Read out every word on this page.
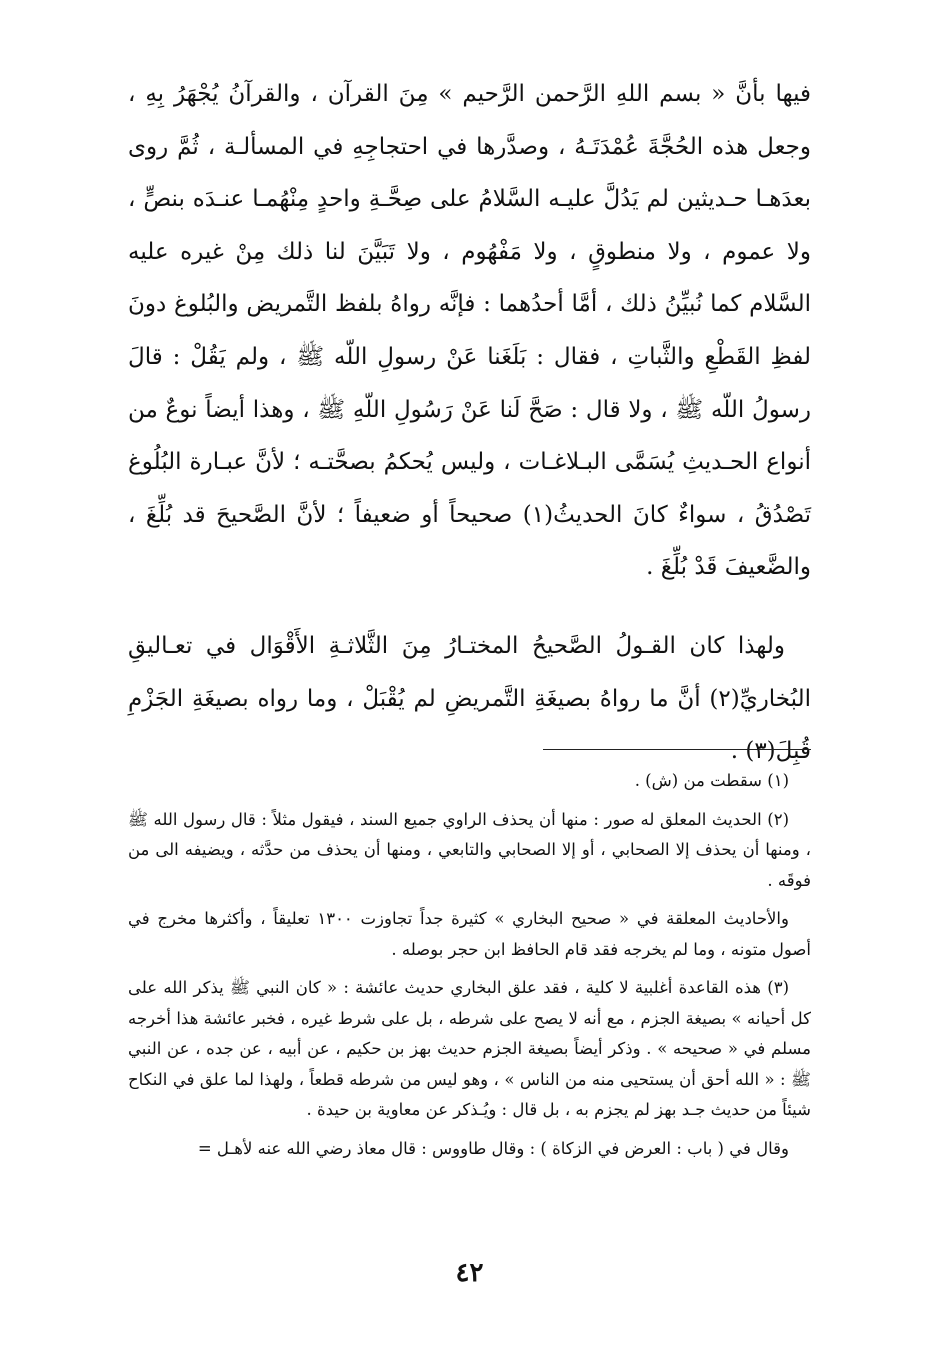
فيها بأنَّ « بسم اللهِ الرَّحمن الرَّحيم » مِنَ القرآن ، والقرآنُ يُجْهَرُ بِهِ ، وجعل هذه الحُجَّةَ عُمْدَتَـهُ ، وصدَّرها في احتجاجِهِ في المسألـة ، ثُمَّ روى بعدَهـا حـديثين لم يَدُلَّ عليـه السَّلامُ على صِحَّـةِ واحدٍ مِنْهُمـا عنـدَه بنصٍّ ، ولا عموم ، ولا منطوقٍ ، ولا مَفْهُوم ، ولا تَبَيَّنَ لنا ذلك مِنْ غيره عليه السَّلام كما نُبيِّنُ ذلك ، أمَّا أحدُهما : فإنَّه رواهُ بلفظ التَّمريض والبُلوغ دونَ لفظِ القَطْعِ والثَّباتِ ، فقال : بَلَغَنا عَنْ رسولِ اللّه ﷺ ، ولم يَقُلْ : قالَ رسولُ اللّه ﷺ ، ولا قال : صَحَّ لَنا عَنْ رَسُولِ اللّهِ ﷺ ، وهذا أيضاً نوعٌ من أنواع الحـديثِ يُسَمَّى البـلاغـات ، وليس يُحكمُ بصحَّتـه ؛ لأنَّ عبـارة البُلُوغ تَصْدُقُ ، سواءٌ كانَ الحديثُ(١) صحيحاً أو ضعيفاً ؛ لأنَّ الصَّحيحَ قد بُلِّغَ ، والضَّعيفَ قَدْ بُلِّغَ .

ولهذا كان القـولُ الصَّحيحُ المختـارُ مِنَ الثَّلاثـةِ الأَقْوَال في تعـاليقِ البُخاريِّ(٢) أنَّ ما رواهُ بصيغَةِ التَّمريضِ لم يُقْبَلْ ، وما رواه بصيغَةِ الجَزْمِ قُبِلَ(٣) .

(١) سقطت من (ش) .

(٢) الحديث المعلق له صور : منها أن يحذف الراوي جميع السند ، فيقول مثلاً : قال رسول الله ﷺ ، ومنها أن يحذف إلا الصحابي ، أو إلا الصحابي والتابعي ، ومنها أن يحذف من حدَّثه ، ويضيفه الى من فوقَه .

والأحاديث المعلقة في « صحيح البخاري » كثيرة جداً تجاوزت ١٣٠٠ تعليقاً ، وأكثرها مخرج في أصول متونه ، وما لم يخرجه فقد قام الحافظ ابن حجر بوصله .

(٣) هذه القاعدة أغلبية لا كلية ، فقد علق البخاري حديث عائشة : « كان النبي ﷺ يذكر الله على كل أحيانه » بصيغة الجزم ، مع أنه لا يصح على شرطه ، بل على شرط غيره ، فخبر عائشة هذا أخرجه مسلم في « صحيحه » . وذكر أيضاً بصيغة الجزم حديث بهز بن حكيم ، عن أبيه ، عن جده ، عن النبي ﷺ : « الله أحق أن يستحيى منه من الناس » ، وهو ليس من شرطه قطعاً ، ولهذا لما علق في النكاح شيئاً من حديث جـد بهز لم يجزم به ، بل قال : ويُـذكر عن معاوية بن حيدة .

وقال في ( باب : العرض في الزكاة ) : وقال طاووس : قال معاذ رضي الله عنه لأهـل =

٤٢
